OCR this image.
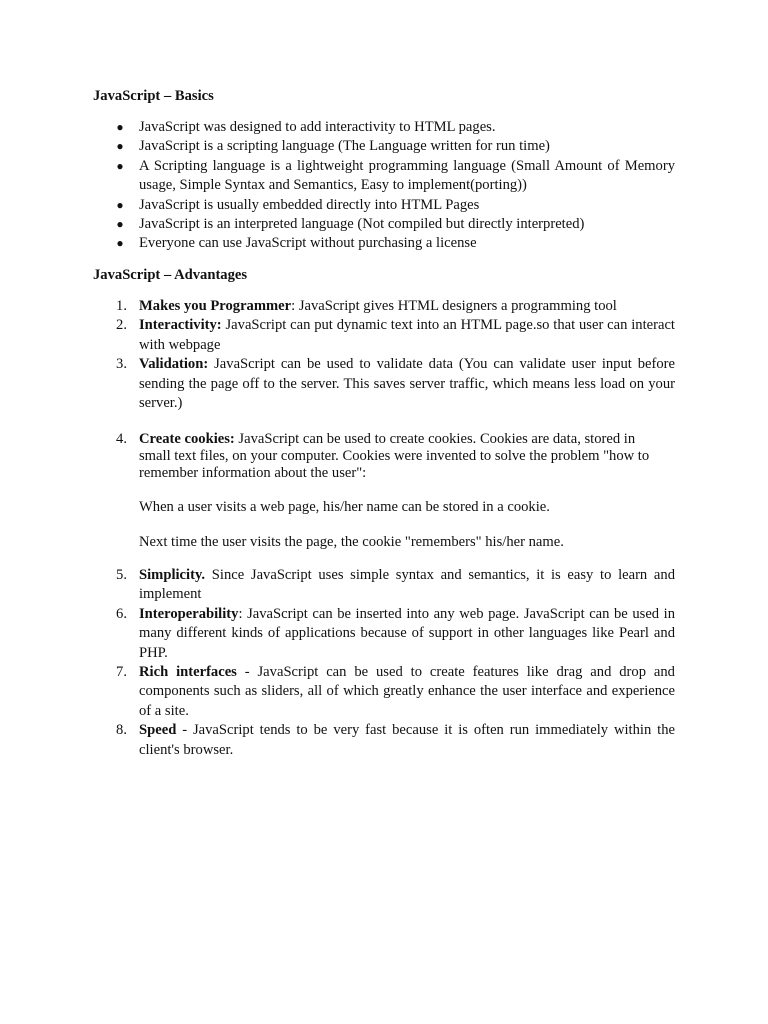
JavaScript – Basics
● JavaScript was designed to add interactivity to HTML pages.
● JavaScript is a scripting language (The Language written for run time)
● A Scripting language is a lightweight programming language (Small Amount of Memory usage, Simple Syntax and Semantics, Easy to implement(porting))
● JavaScript is usually embedded directly into HTML Pages
● JavaScript is an interpreted language (Not compiled but directly interpreted)
● Everyone can use JavaScript without purchasing a license
JavaScript – Advantages
1. Makes you Programmer: JavaScript gives HTML designers a programming tool
2. Interactivity: JavaScript can put dynamic text into an HTML page.so that user can interact with webpage
3. Validation: JavaScript can be used to validate data (You can validate user input before sending the page off to the server. This saves server traffic, which means less load on your server.)
4. Create cookies: JavaScript can be used to create cookies. Cookies are data, stored in small text files, on your computer. Cookies were invented to solve the problem "how to remember information about the user":
When a user visits a web page, his/her name can be stored in a cookie.
Next time the user visits the page, the cookie "remembers" his/her name.
5. Simplicity. Since JavaScript uses simple syntax and semantics, it is easy to learn and implement
6. Interoperability: JavaScript can be inserted into any web page. JavaScript can be used in many different kinds of applications because of support in other languages like Pearl and PHP.
7. Rich interfaces - JavaScript can be used to create features like drag and drop and components such as sliders, all of which greatly enhance the user interface and experience of a site.
8. Speed - JavaScript tends to be very fast because it is often run immediately within the client's browser.
